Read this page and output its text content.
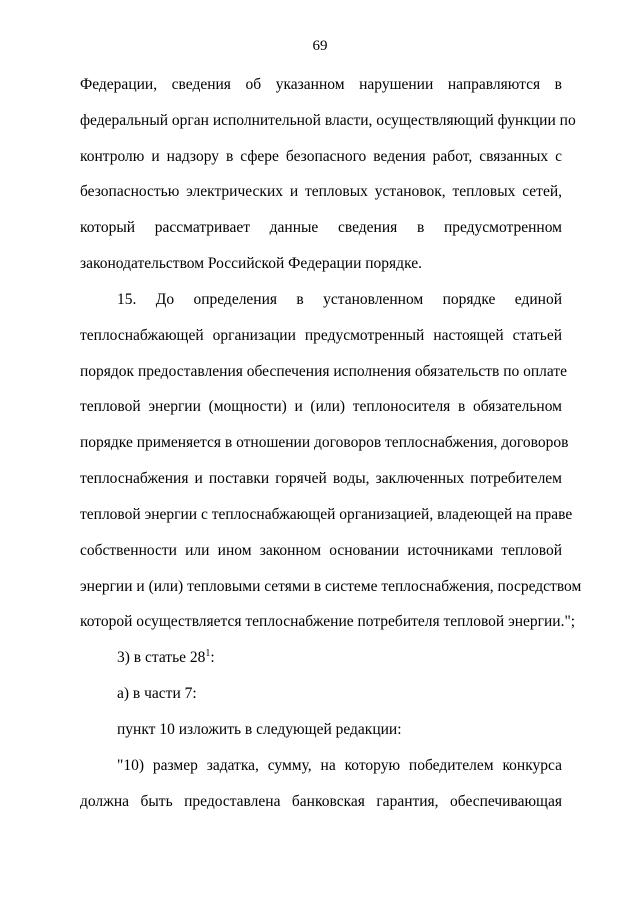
69
Федерации, сведения об указанном нарушении направляются в
федеральный орган исполнительной власти, осуществляющий функции по
контролю и надзору в сфере безопасного ведения работ, связанных с
безопасностью электрических и тепловых установок, тепловых сетей,
который рассматривает данные сведения в предусмотренном
законодательством Российской Федерации порядке.
15. До определения в установленном порядке единой
теплоснабжающей организации предусмотренный настоящей статьей
порядок предоставления обеспечения исполнения обязательств по оплате
тепловой энергии (мощности) и (или) теплоносителя в обязательном
порядке применяется в отношении договоров теплоснабжения, договоров
теплоснабжения и поставки горячей воды, заключенных потребителем
тепловой энергии с теплоснабжающей организацией, владеющей на праве
собственности или ином законном основании источниками тепловой
энергии и (или) тепловыми сетями в системе теплоснабжения, посредством
которой осуществляется теплоснабжение потребителя тепловой энергии.";
3) в статье $28^1$:
а) в части 7:
пункт 10 изложить в следующей редакции:
"10) размер задатка, сумму, на которую победителем конкурса
должна быть предоставлена банковская гарантия, обеспечивающая
